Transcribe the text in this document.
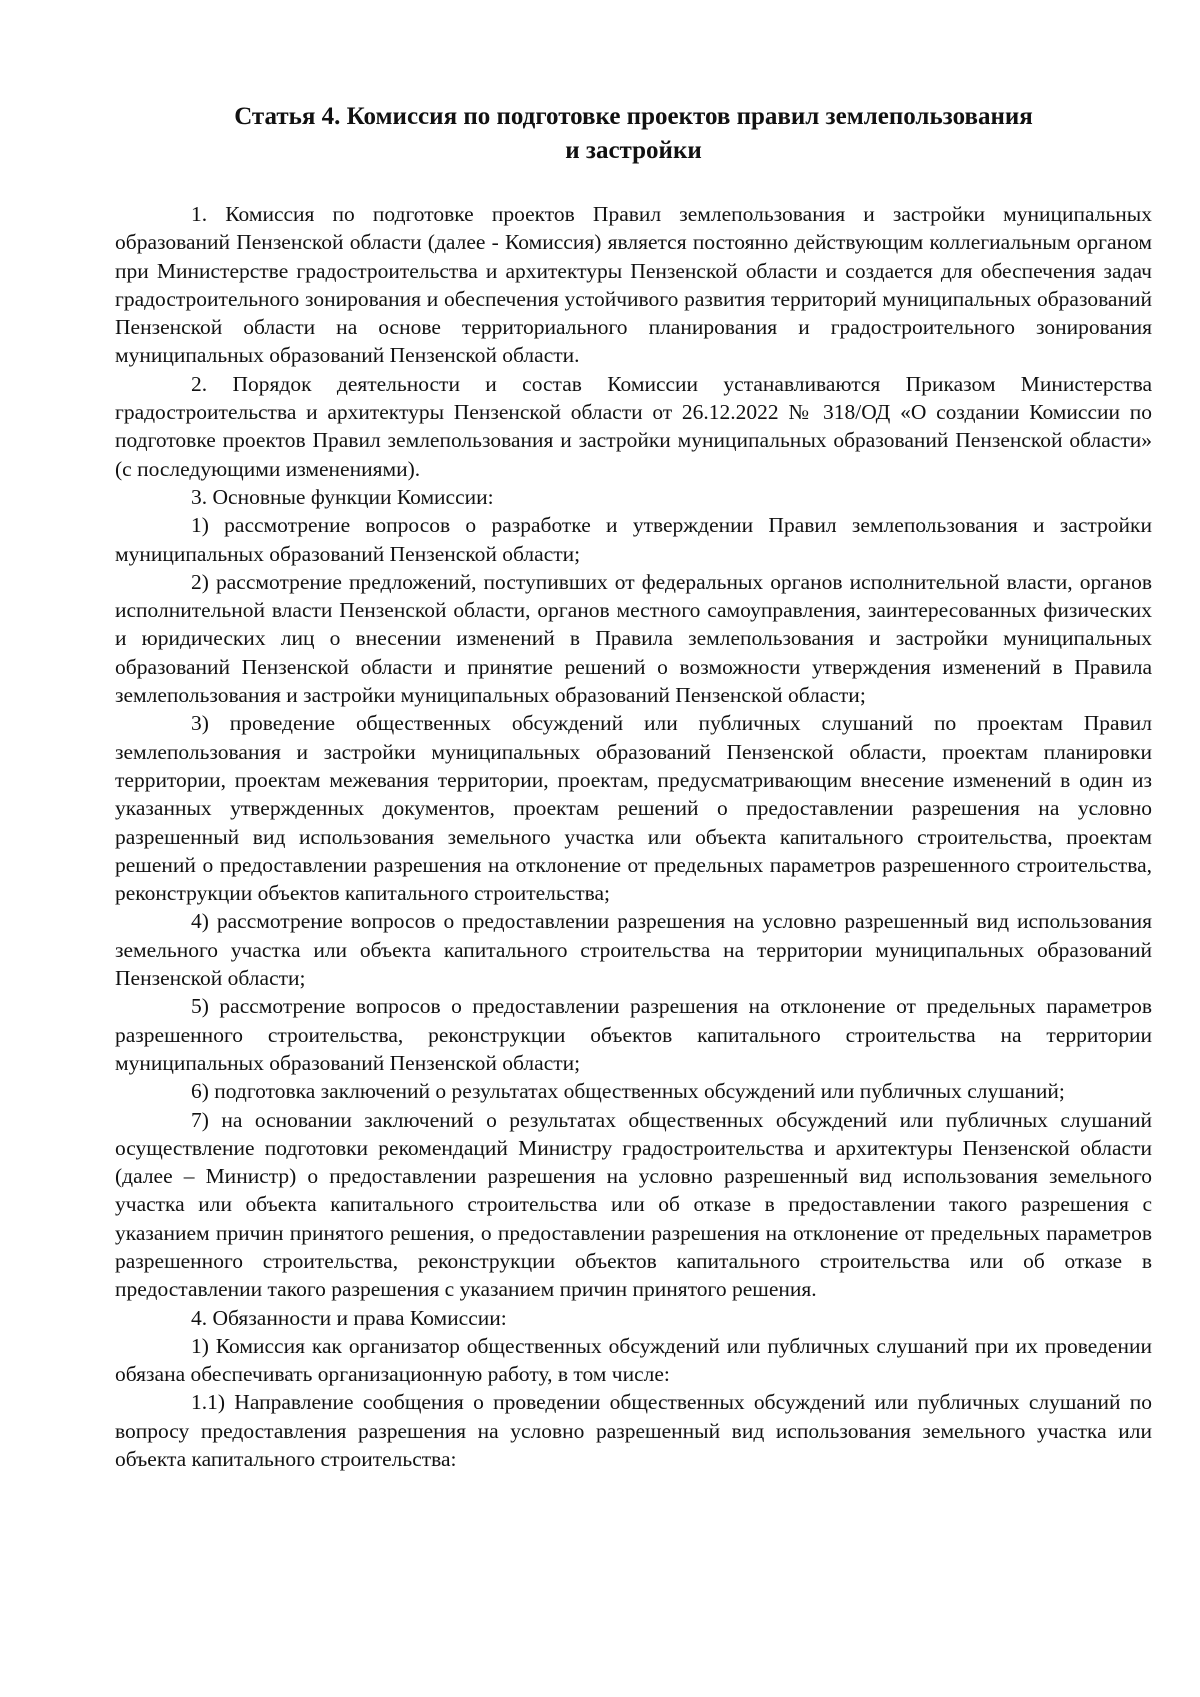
Статья 4. Комиссия по подготовке проектов правил землепользования
и застройки

1. Комиссия по подготовке проектов Правил землепользования и застройки муниципальных образований Пензенской области (далее - Комиссия) является постоянно действующим коллегиальным органом при Министерстве градостроительства и архитектуры Пензенской области и создается для обеспечения задач градостроительного зонирования и обеспечения устойчивого развития территорий муниципальных образований Пензенской области на основе территориального планирования и градостроительного зонирования муниципальных образований Пензенской области.

2. Порядок деятельности и состав Комиссии устанавливаются Приказом Министерства градостроительства и архитектуры Пензенской области от 26.12.2022 № 318/ОД «О создании Комиссии по подготовке проектов Правил землепользования и застройки муниципальных образований Пензенской области» (с последующими изменениями).

3. Основные функции Комиссии:

1) рассмотрение вопросов о разработке и утверждении Правил землепользования и застройки муниципальных образований Пензенской области;

2) рассмотрение предложений, поступивших от федеральных органов исполнительной власти, органов исполнительной власти Пензенской области, органов местного самоуправления, заинтересованных физических и юридических лиц о внесении изменений в Правила землепользования и застройки муниципальных образований Пензенской области и принятие решений о возможности утверждения изменений в Правила землепользования и застройки муниципальных образований Пензенской области;

3) проведение общественных обсуждений или публичных слушаний по проектам Правил землепользования и застройки муниципальных образований Пензенской области, проектам планировки территории, проектам межевания территории, проектам, предусматривающим внесение изменений в один из указанных утвержденных документов, проектам решений о предоставлении разрешения на условно разрешенный вид использования земельного участка или объекта капитального строительства, проектам решений о предоставлении разрешения на отклонение от предельных параметров разрешенного строительства, реконструкции объектов капитального строительства;

4) рассмотрение вопросов о предоставлении разрешения на условно разрешенный вид использования земельного участка или объекта капитального строительства на территории муниципальных образований Пензенской области;

5) рассмотрение вопросов о предоставлении разрешения на отклонение от предельных параметров разрешенного строительства, реконструкции объектов капитального строительства на территории муниципальных образований Пензенской области;

6) подготовка заключений о результатах общественных обсуждений или публичных слушаний;

7) на основании заключений о результатах общественных обсуждений или публичных слушаний осуществление подготовки рекомендаций Министру градостроительства и архитектуры Пензенской области (далее – Министр) о предоставлении разрешения на условно разрешенный вид использования земельного участка или объекта капитального строительства или об отказе в предоставлении такого разрешения с указанием причин принятого решения, о предоставлении разрешения на отклонение от предельных параметров разрешенного строительства, реконструкции объектов капитального строительства или об отказе в предоставлении такого разрешения с указанием причин принятого решения.

4. Обязанности и права Комиссии:

1) Комиссия как организатор общественных обсуждений или публичных слушаний при их проведении обязана обеспечивать организационную работу, в том числе:

1.1) Направление сообщения о проведении общественных обсуждений или публичных слушаний по вопросу предоставления разрешения на условно разрешенный вид использования земельного участка или объекта капитального строительства:
